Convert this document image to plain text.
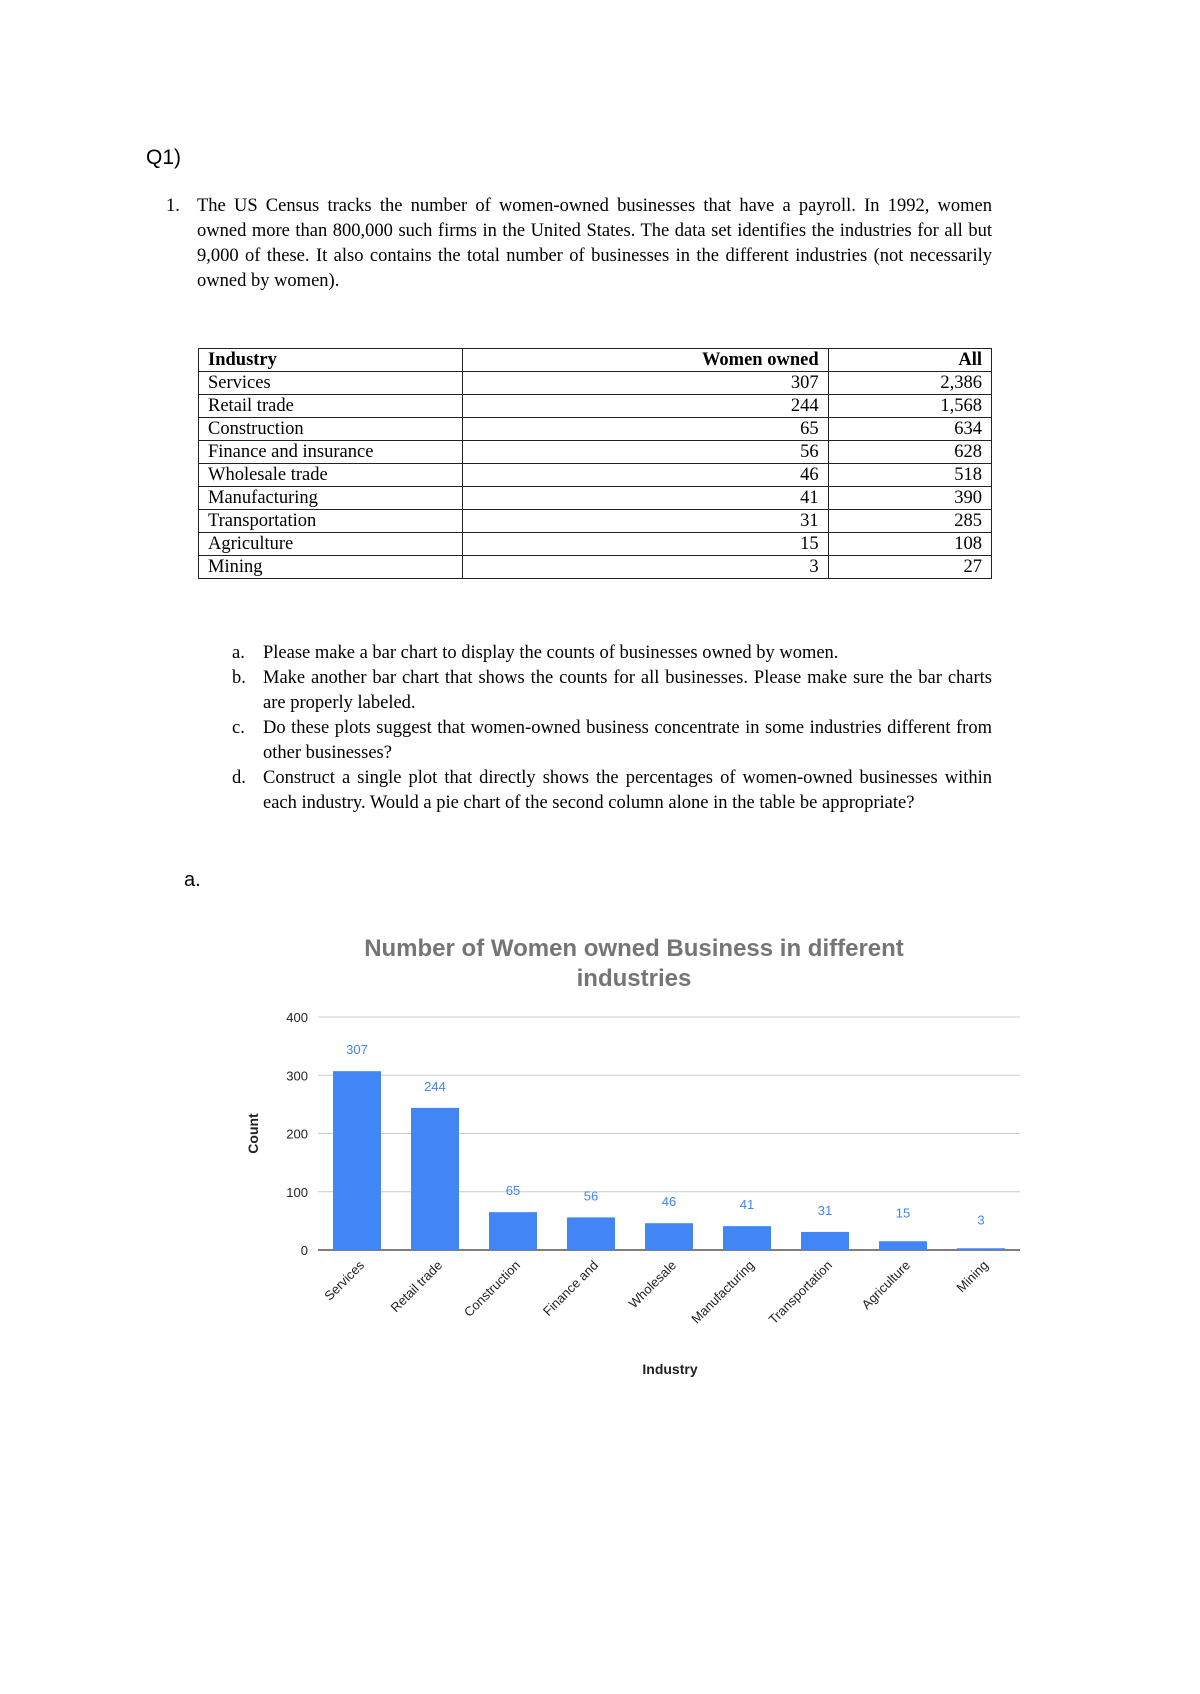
Q1)
1. The US Census tracks the number of women-owned businesses that have a payroll. In 1992, women owned more than 800,000 such firms in the United States. The data set identifies the industries for all but 9,000 of these. It also contains the total number of businesses in the different industries (not necessarily owned by women).
Industry	Women owned	All
Services	307	2,386
Retail trade	244	1,568
Construction	65	634
Finance and insurance	56	628
Wholesale trade	46	518
Manufacturing	41	390
Transportation	31	285
Agriculture	15	108
Mining	3	27
a. Please make a bar chart to display the counts of businesses owned by women.
b. Make another bar chart that shows the counts for all businesses. Please make sure the bar charts are properly labeled.
c. Do these plots suggest that women-owned business concentrate in some industries different from other businesses?
d. Construct a single plot that directly shows the percentages of women-owned businesses within each industry. Would a pie chart of the second column alone in the table be appropriate?
a.
Number of Women owned Business in different
industries
0
100
200
300
400
Count
307
Services
244
Retail trade
65
Construction
56
Finance and
46
Wholesale
41
Manufacturing
31
Transportation
15
Agriculture
3
Mining
Industry
